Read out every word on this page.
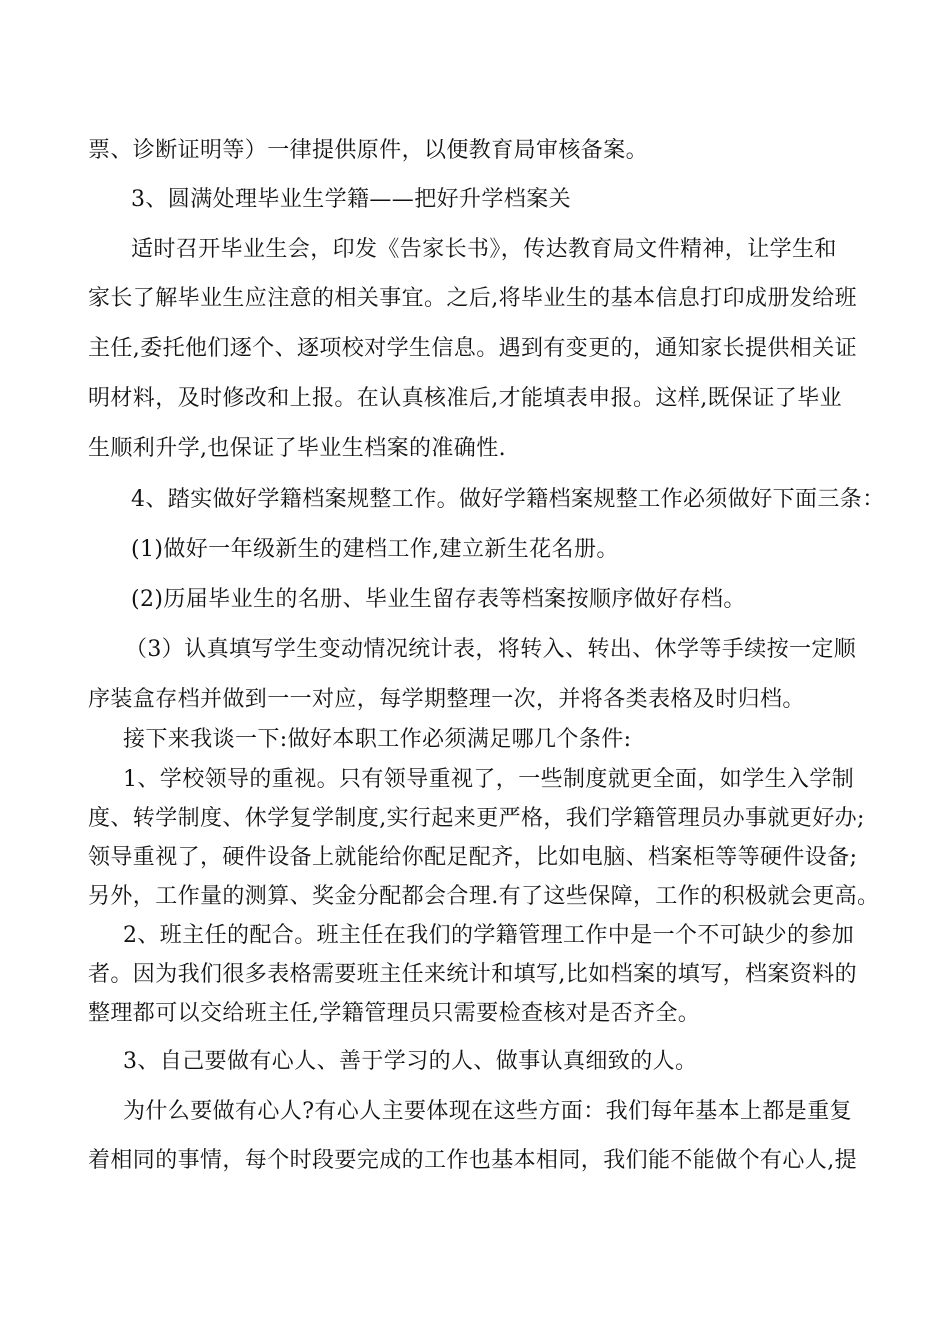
票、诊断证明等）一律提供原件，以便教育局审核备案。
3、圆满处理毕业生学籍——把好升学档案关
适时召开毕业生会，印发《告家长书》，传达教育局文件精神，让学生和
家长了解毕业生应注意的相关事宜。之后,将毕业生的基本信息打印成册发给班
主任,委托他们逐个、逐项校对学生信息。遇到有变更的，通知家长提供相关证
明材料，及时修改和上报。在认真核准后,才能填表申报。这样,既保证了毕业
生顺利升学,也保证了毕业生档案的准确性.
4、踏实做好学籍档案规整工作。做好学籍档案规整工作必须做好下面三条：
(1)做好一年级新生的建档工作,建立新生花名册。
(2)历届毕业生的名册、毕业生留存表等档案按顺序做好存档。
（3）认真填写学生变动情况统计表，将转入、转出、休学等手续按一定顺
序装盒存档并做到一一对应，每学期整理一次，并将各类表格及时归档。
接下来我谈一下:做好本职工作必须满足哪几个条件:
1、学校领导的重视。只有领导重视了，一些制度就更全面，如学生入学制
度、转学制度、休学复学制度,实行起来更严格，我们学籍管理员办事就更好办;
领导重视了，硬件设备上就能给你配足配齐，比如电脑、档案柜等等硬件设备;
另外，工作量的测算、奖金分配都会合理.有了这些保障，工作的积极就会更高。
2、班主任的配合。班主任在我们的学籍管理工作中是一个不可缺少的参加
者。因为我们很多表格需要班主任来统计和填写,比如档案的填写，档案资料的
整理都可以交给班主任,学籍管理员只需要检查核对是否齐全。
3、自己要做有心人、善于学习的人、做事认真细致的人。
为什么要做有心人?有心人主要体现在这些方面：我们每年基本上都是重复
着相同的事情，每个时段要完成的工作也基本相同，我们能不能做个有心人,提
